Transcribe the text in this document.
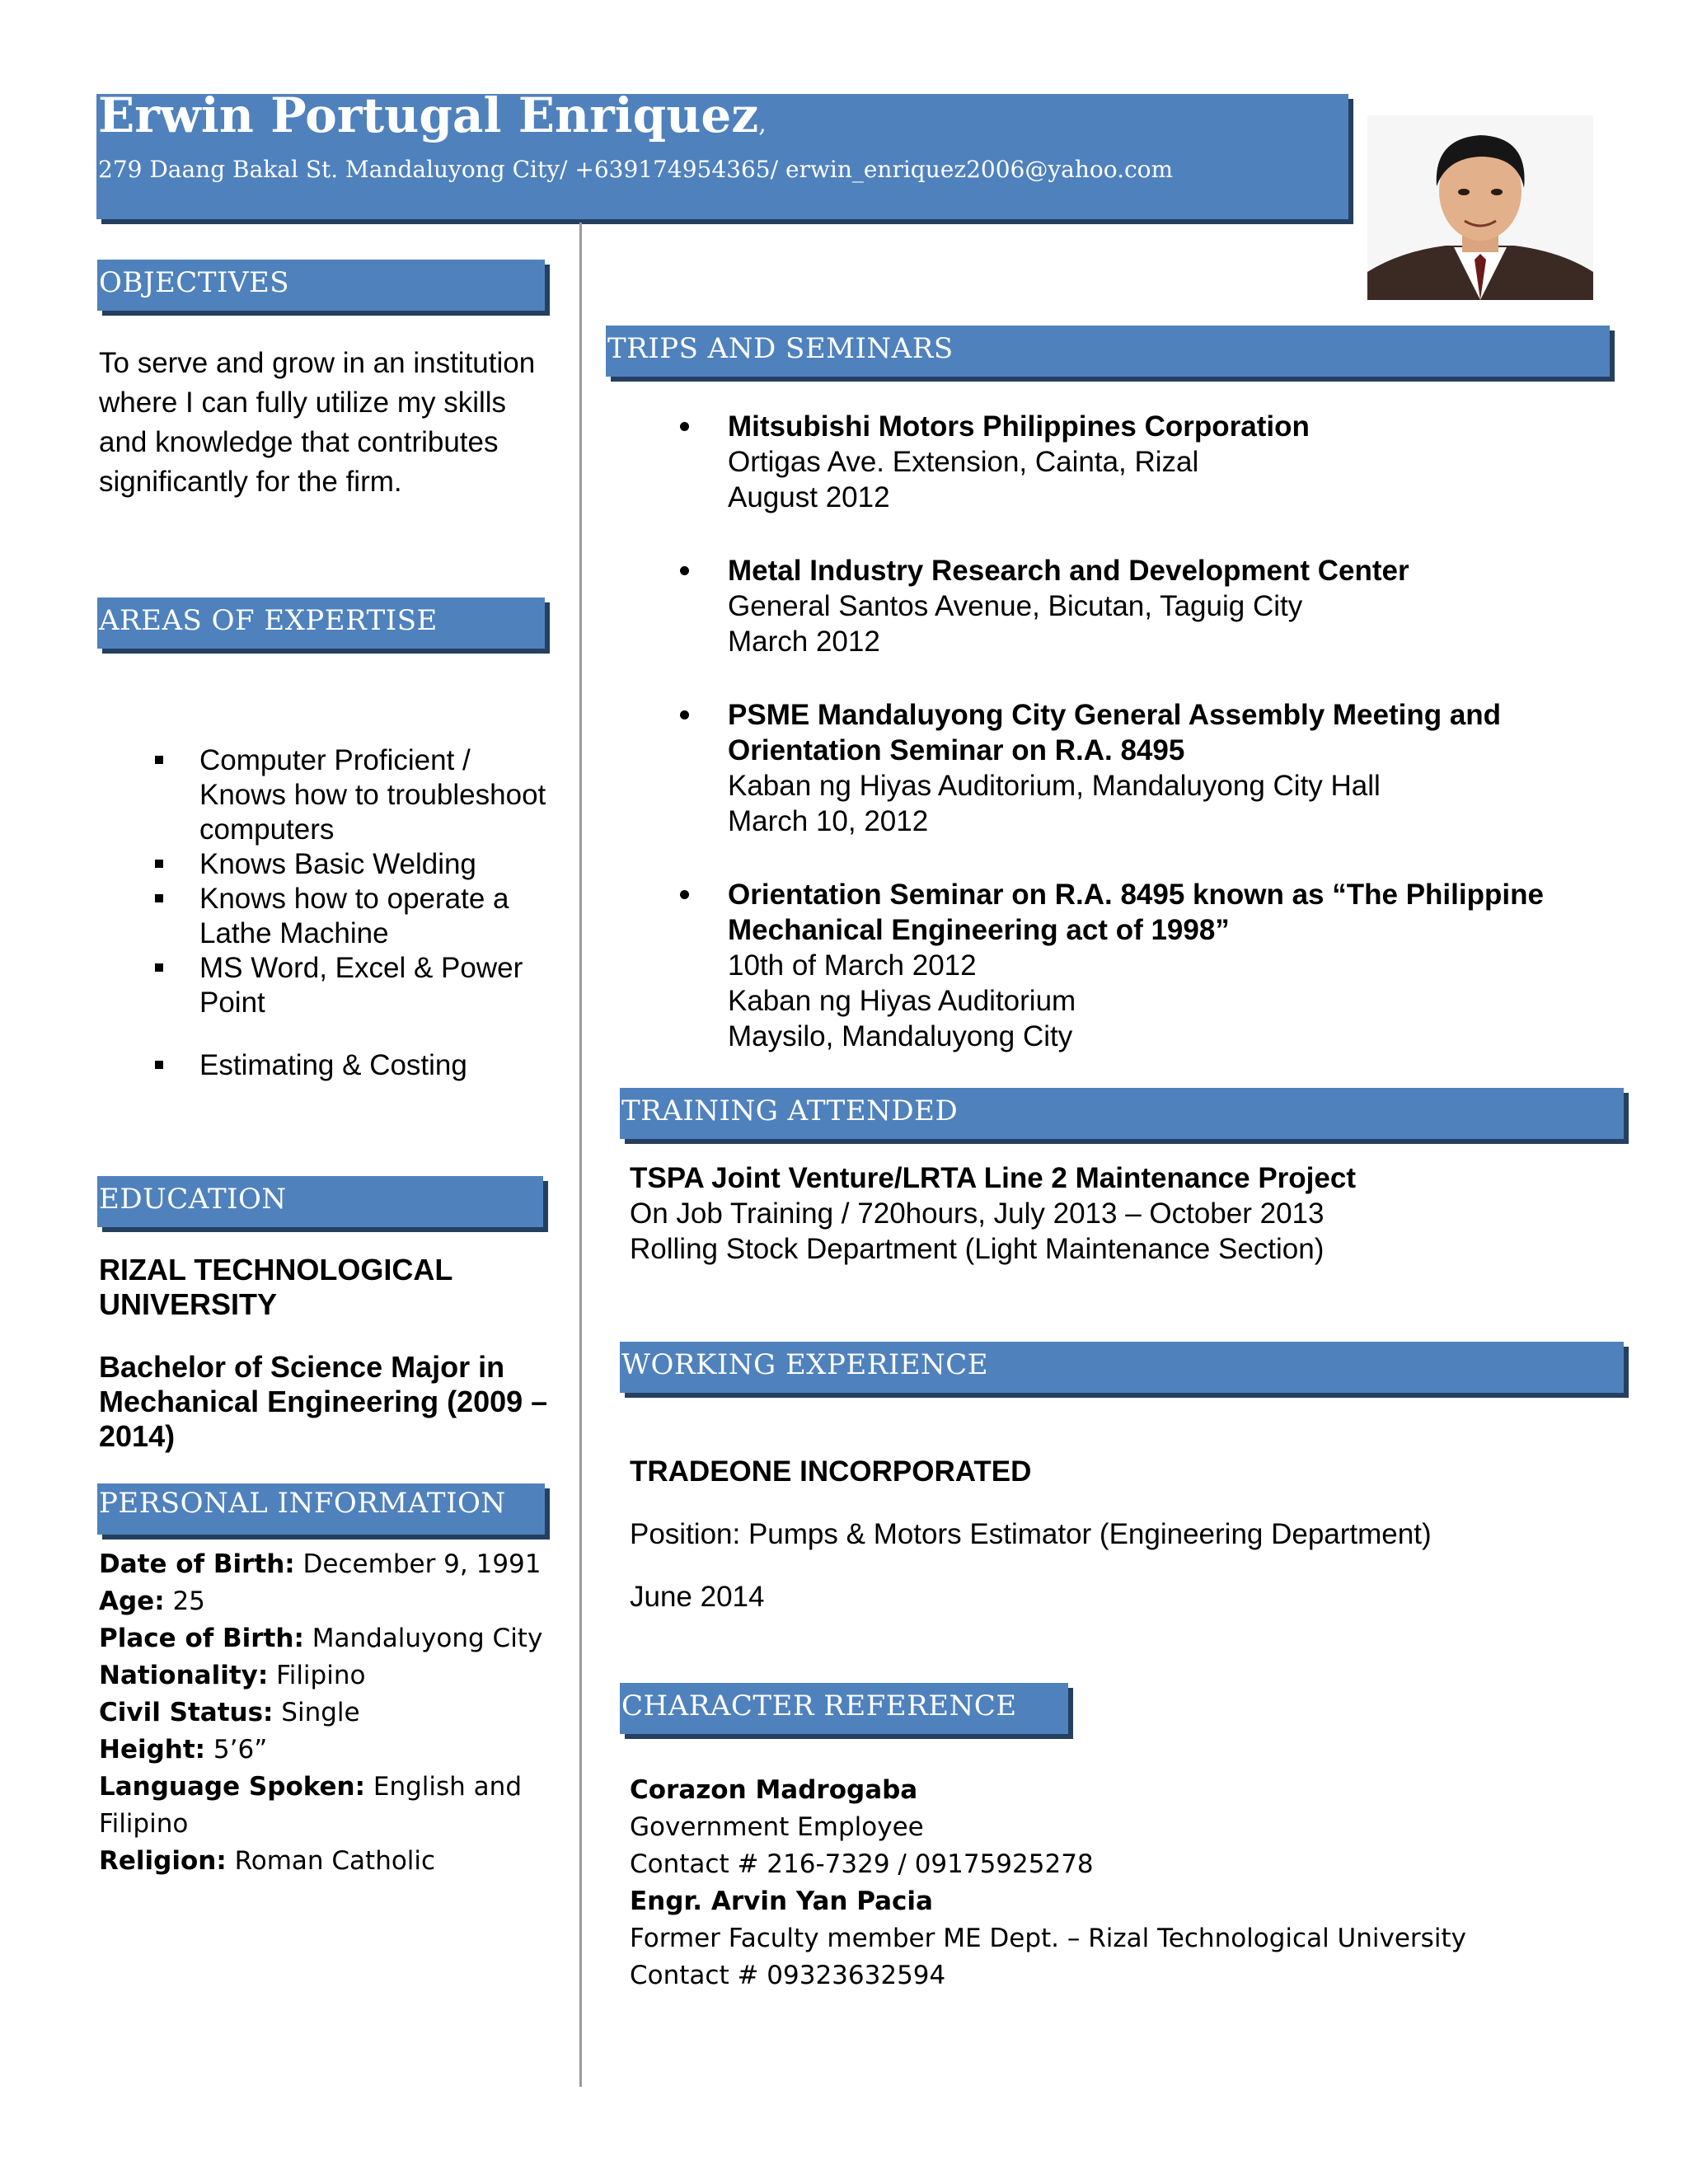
Erwin Portugal Enriquez,
279 Daang Bakal St. Mandaluyong City/ +639174954365/ erwin_enriquez2006@yahoo.com
OBJECTIVES
To serve and grow in an institution where I can fully utilize my skills and knowledge that contributes significantly for the firm.
AREAS OF EXPERTISE
Computer Proficient / Knows how to troubleshoot computers
Knows Basic Welding
Knows how to operate a Lathe Machine
MS Word, Excel & Power Point
Estimating & Costing
EDUCATION
RIZAL TECHNOLOGICAL UNIVERSITY
Bachelor of Science Major in Mechanical Engineering (2009 – 2014)
PERSONAL INFORMATION
Date of Birth: December 9, 1991
Age: 25
Place of Birth: Mandaluyong City
Nationality: Filipino
Civil Status: Single
Height: 5’6”
Language Spoken: English and Filipino
Religion: Roman Catholic
TRIPS AND SEMINARS
Mitsubishi Motors Philippines Corporation
Ortigas Ave. Extension, Cainta, Rizal
August 2012
Metal Industry Research and Development Center
General Santos Avenue, Bicutan, Taguig City
March 2012
PSME Mandaluyong City General Assembly Meeting and Orientation Seminar on R.A. 8495
Kaban ng Hiyas Auditorium, Mandaluyong City Hall
March 10, 2012
Orientation Seminar on R.A. 8495 known as “The Philippine Mechanical Engineering act of 1998”
10th of March 2012
Kaban ng Hiyas Auditorium
Maysilo, Mandaluyong City
TRAINING ATTENDED
TSPA Joint Venture/LRTA Line 2 Maintenance Project
On Job Training / 720hours, July 2013 – October 2013
Rolling Stock Department (Light Maintenance Section)
WORKING EXPERIENCE
TRADEONE INCORPORATED
Position: Pumps & Motors Estimator (Engineering Department)
June 2014
CHARACTER REFERENCE
Corazon Madrogaba
Government Employee
Contact # 216-7329 / 09175925278
Engr. Arvin Yan Pacia
Former Faculty member ME Dept. – Rizal Technological University
Contact # 09323632594
